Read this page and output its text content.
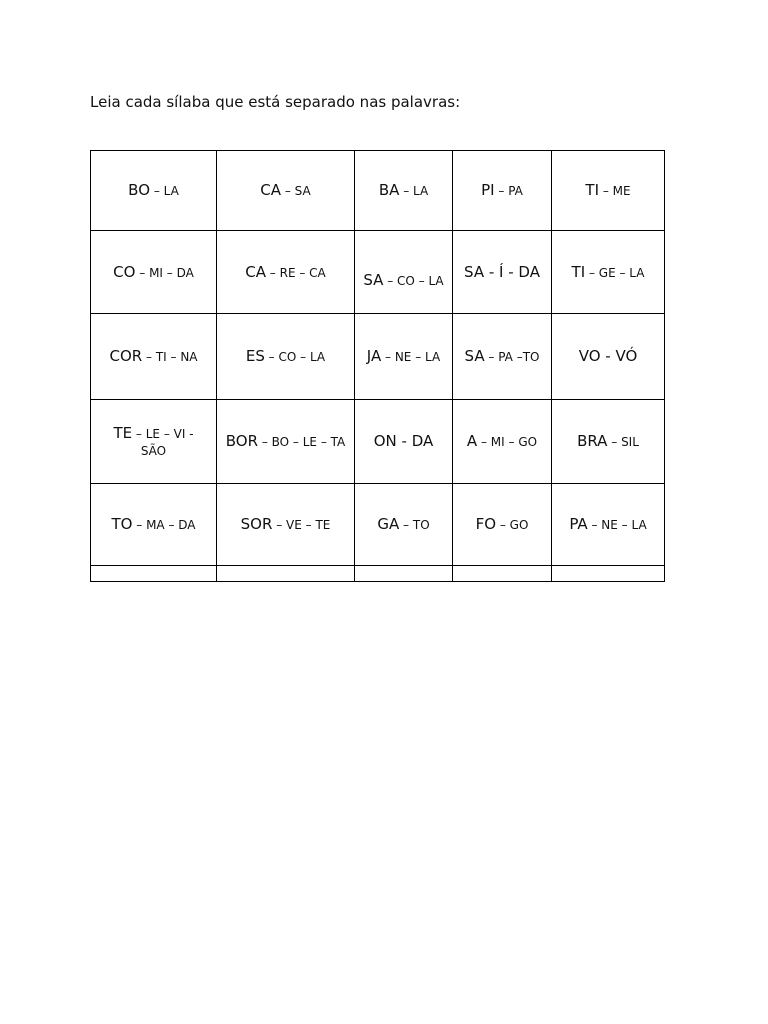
Leia cada sílaba que está separado nas palavras:
BO – LA	CA – SA	BA – LA	PI – PA	TI – ME
CO – MI – DA	CA – RE – CA	SA – CO – LA	SA - Í - DA	TI – GE – LA
COR – TI – NA	ES – CO – LA	JA – NE – LA	SA – PA –TO	VO - VÓ
TE – LE – VI - SÃO	BOR – BO – LE – TA	ON - DA	A – MI – GO	BRA – SIL
TO – MA – DA	SOR – VE – TE	GA – TO	FO – GO	PA – NE – LA
